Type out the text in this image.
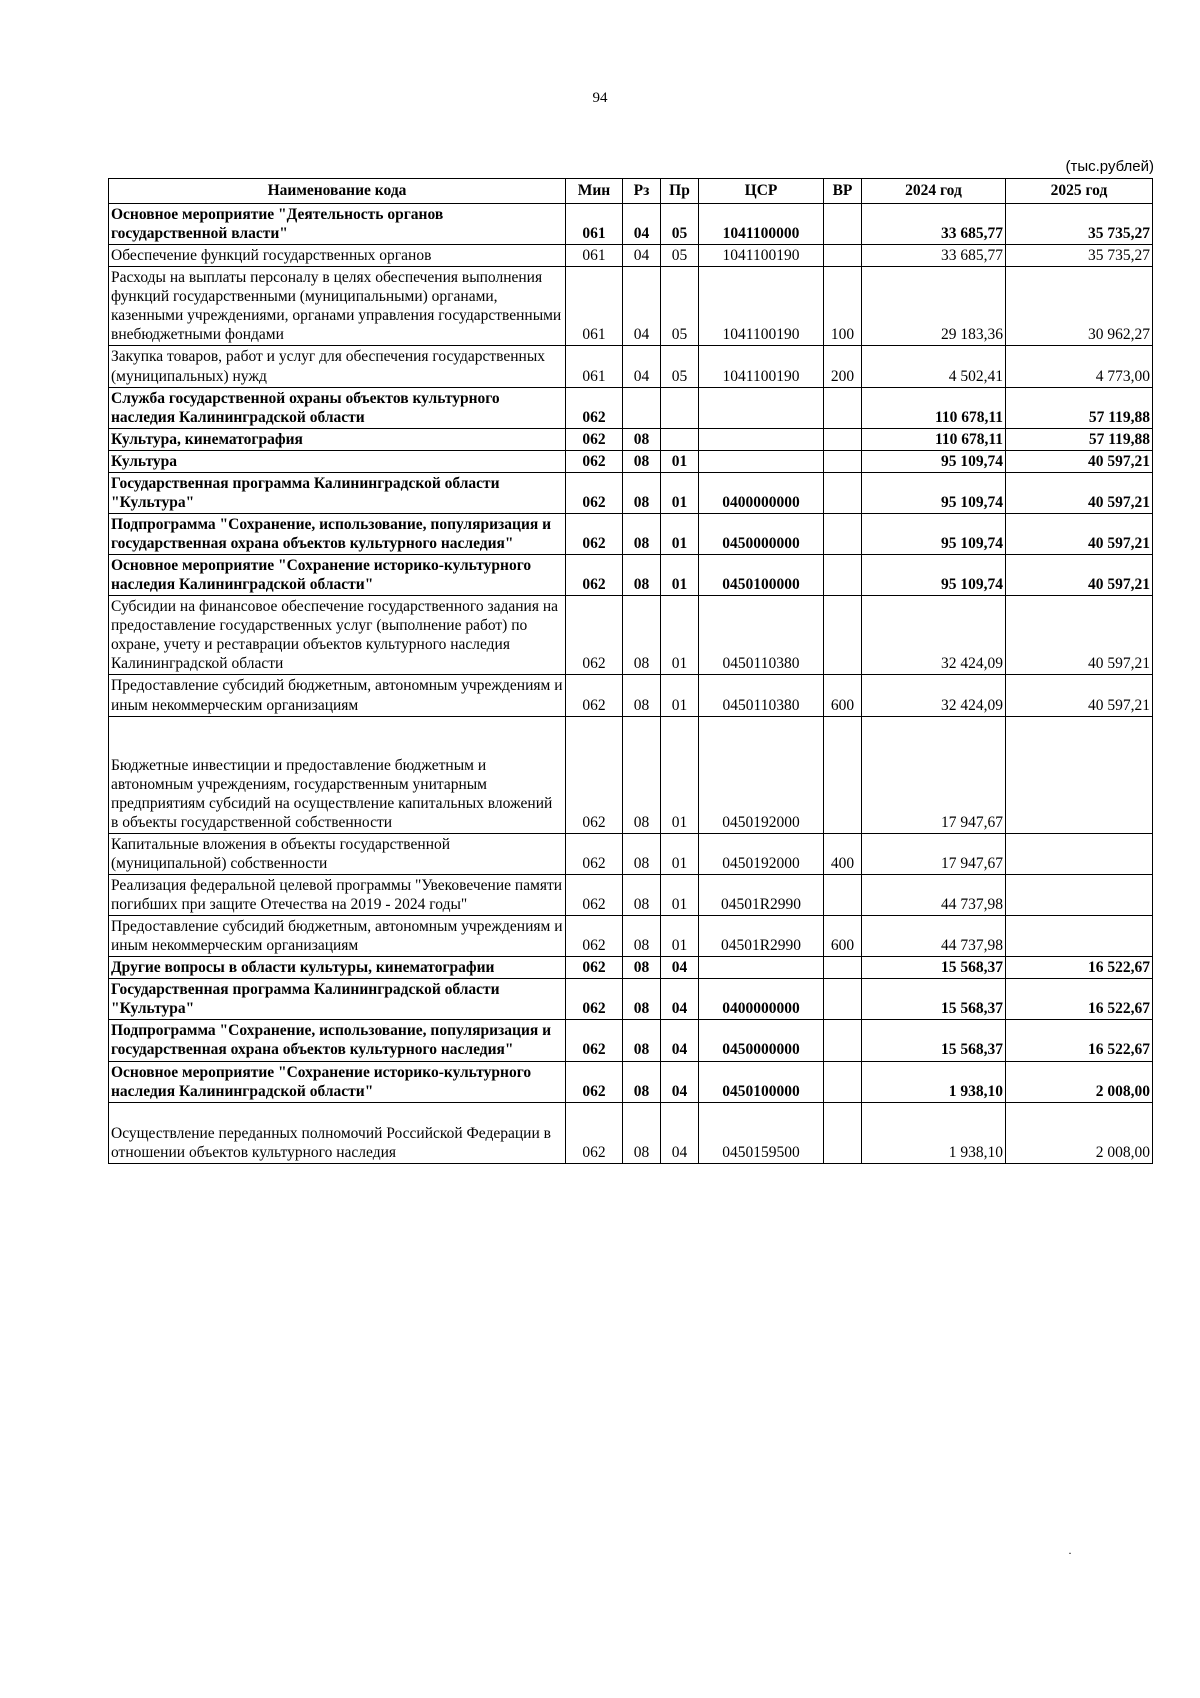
94
(тыс.рублей)
Наименование кода	Мин	Рз	Пр	ЦСР	ВР	2024 год	2025 год
Основное мероприятие "Деятельность органов государственной власти"	061	04	05	1041100000		33 685,77	35 735,27
Обеспечение функций государственных органов	061	04	05	1041100190		33 685,77	35 735,27
Расходы на выплаты персоналу в целях обеспечения выполнения функций государственными (муниципальными) органами, казенными учреждениями, органами управления государственными внебюджетными фондами	061	04	05	1041100190	100	29 183,36	30 962,27
Закупка товаров, работ и услуг для обеспечения государственных (муниципальных) нужд	061	04	05	1041100190	200	4 502,41	4 773,00
Служба государственной охраны объектов культурного наследия Калининградской области	062					110 678,11	57 119,88
Культура, кинематография	062	08				110 678,11	57 119,88
Культура	062	08	01			95 109,74	40 597,21
Государственная программа Калининградской области "Культура"	062	08	01	0400000000		95 109,74	40 597,21
Подпрограмма "Сохранение, использование, популяризация и государственная охрана объектов культурного наследия"	062	08	01	0450000000		95 109,74	40 597,21
Основное мероприятие "Сохранение историко-культурного наследия Калининградской области"	062	08	01	0450100000		95 109,74	40 597,21
Субсидии на финансовое обеспечение государственного задания на предоставление государственных услуг (выполнение работ) по охране, учету и реставрации объектов культурного наследия Калининградской области	062	08	01	0450110380		32 424,09	40 597,21
Предоставление субсидий бюджетным, автономным учреждениям и иным некоммерческим организациям	062	08	01	0450110380	600	32 424,09	40 597,21

Бюджетные инвестиции и предоставление бюджетным и автономным учреждениям, государственным унитарным предприятиям субсидий на осуществление капитальных вложений в объекты государственной собственности	062	08	01	0450192000		17 947,67	
Капитальные вложения в объекты государственной (муниципальной) собственности	062	08	01	0450192000	400	17 947,67	
Реализация федеральной целевой программы "Увековечение памяти погибших при защите Отечества на 2019 - 2024 годы"	062	08	01	04501R2990		44 737,98	
Предоставление субсидий бюджетным, автономным учреждениям и иным некоммерческим организациям	062	08	01	04501R2990	600	44 737,98	
Другие вопросы в области культуры, кинематографии	062	08	04			15 568,37	16 522,67
Государственная программа Калининградской области "Культура"	062	08	04	0400000000		15 568,37	16 522,67
Подпрограмма "Сохранение, использование, популяризация и государственная охрана объектов культурного наследия"	062	08	04	0450000000		15 568,37	16 522,67
Основное мероприятие "Сохранение историко-культурного наследия Калининградской области"	062	08	04	0450100000		1 938,10	2 008,00

Осуществление переданных полномочий Российской Федерации в отношении объектов культурного наследия	062	08	04	0450159500		1 938,10	2 008,00
·
